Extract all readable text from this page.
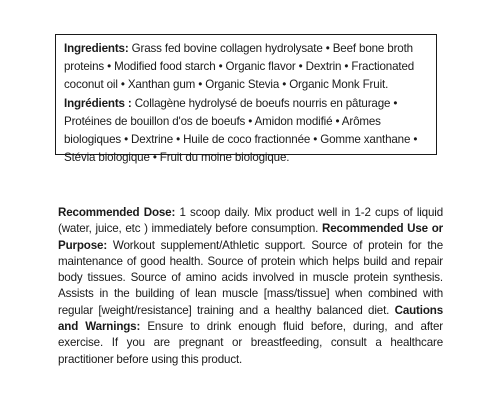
Ingredients: Grass fed bovine collagen hydrolysate • Beef bone broth proteins • Modified food starch • Organic flavor • Dextrin • Fractionated coconut oil • Xanthan gum • Organic Stevia • Organic Monk Fruit.

Ingrédients : Collagène hydrolysé de boeufs nourris en pâturage • Protéines de bouillon d'os de boeufs • Amidon modifié • Arômes biologiques • Dextrine • Huile de coco fractionnée • Gomme xanthane • Stévia biologique • Fruit du moine biologique.

Recommended Dose: 1 scoop daily. Mix product well in 1-2 cups of liquid (water, juice, etc ) immediately before consumption. Recommended Use or Purpose: Workout supplement/Athletic support. Source of protein for the maintenance of good health. Source of protein which helps build and repair body tissues. Source of amino acids involved in muscle protein synthesis. Assists in the building of lean muscle [mass/tissue] when combined with regular [weight/resistance] training and a healthy balanced diet. Cautions and Warnings: Ensure to drink enough fluid before, during, and after exercise. If you are pregnant or breastfeeding, consult a healthcare practitioner before using this product.
